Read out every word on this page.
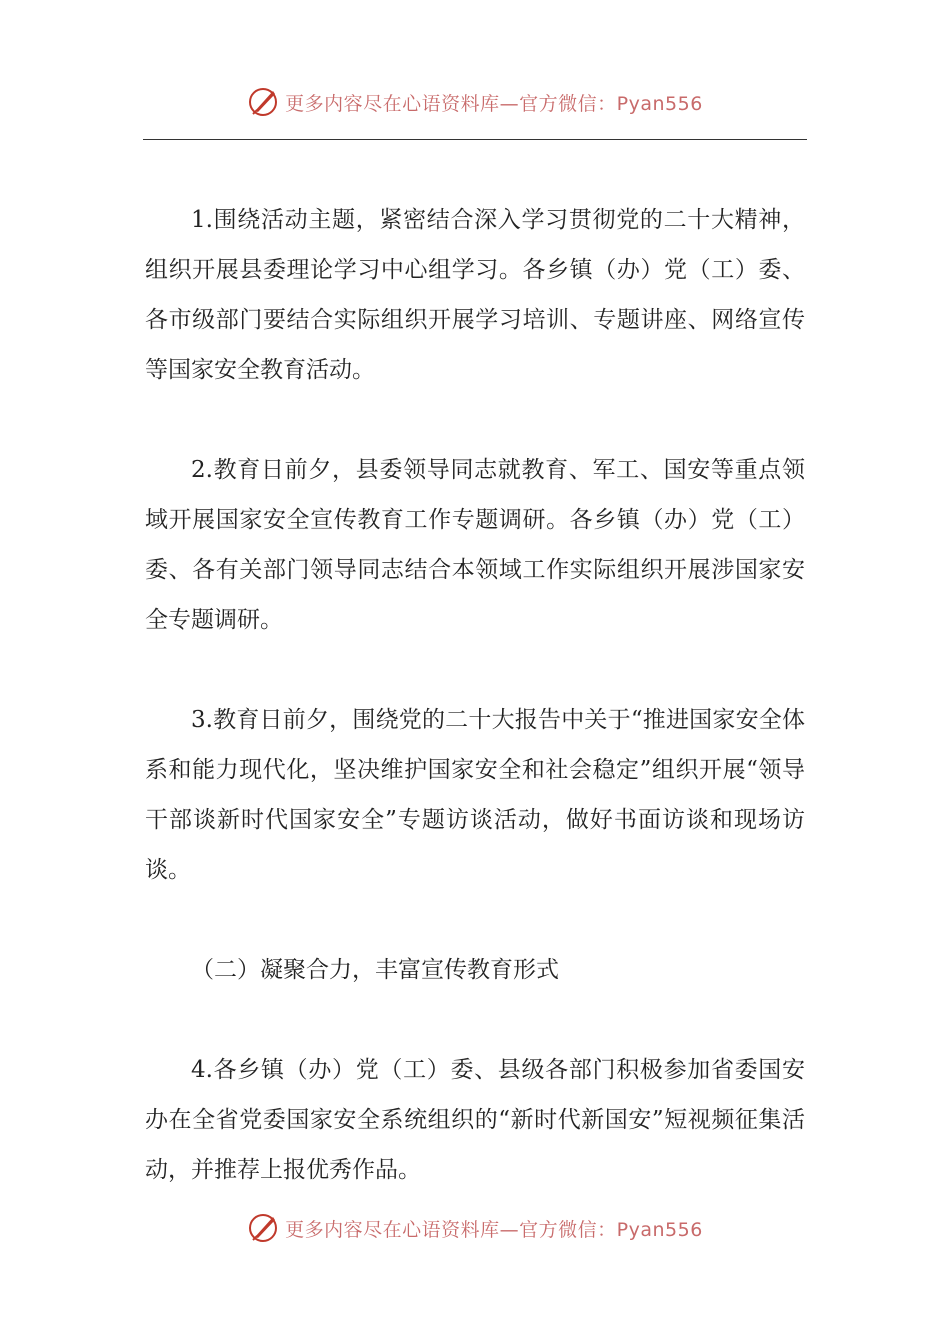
更多内容尽在心语资料库—官方微信：Pyan556

1.围绕活动主题，紧密结合深入学习贯彻党的二十大精神，组织开展县委理论学习中心组学习。各乡镇（办）党（工）委、各市级部门要结合实际组织开展学习培训、专题讲座、网络宣传等国家安全教育活动。

2.教育日前夕，县委领导同志就教育、军工、国安等重点领域开展国家安全宣传教育工作专题调研。各乡镇（办）党（工）委、各有关部门领导同志结合本领域工作实际组织开展涉国家安全专题调研。

3.教育日前夕，围绕党的二十大报告中关于“推进国家安全体系和能力现代化，坚决维护国家安全和社会稳定”组织开展“领导干部谈新时代国家安全”专题访谈活动，做好书面访谈和现场访谈。

（二）凝聚合力，丰富宣传教育形式

4.各乡镇（办）党（工）委、县级各部门积极参加省委国安办在全省党委国家安全系统组织的“新时代新国安”短视频征集活动，并推荐上报优秀作品。

更多内容尽在心语资料库—官方微信：Pyan556
